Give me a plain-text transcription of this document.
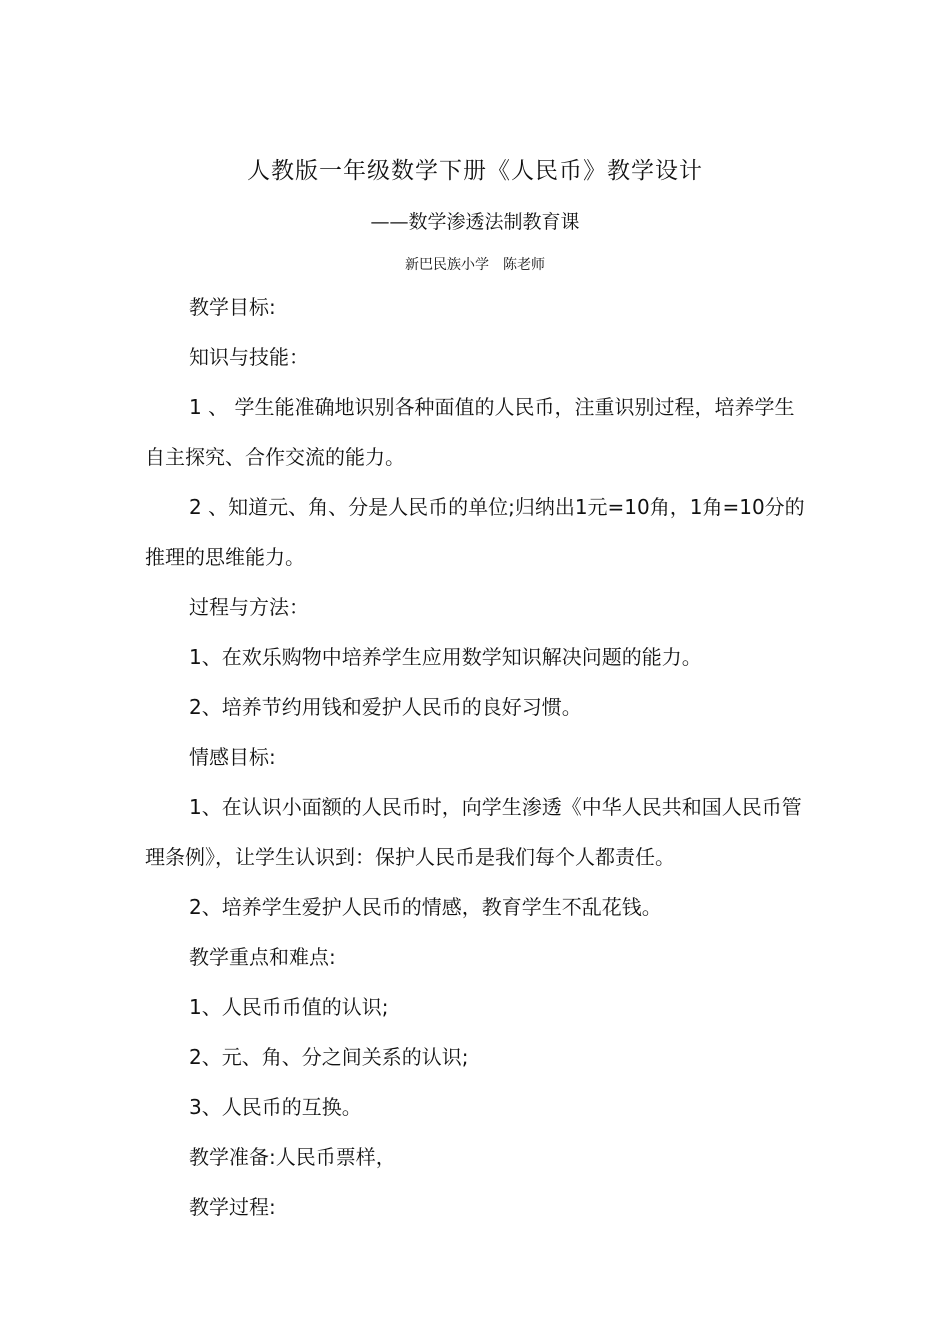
人教版一年级数学下册《人民币》教学设计
——数学渗透法制教育课
新巴民族小学　陈老师

教学目标:

知识与技能：

1 、 学生能准确地识别各种面值的人民币，注重识别过程，培养学生自主探究、合作交流的能力。

2 、知道元、角、分是人民币的单位;归纳出1元=10角，1角=10分的推理的思维能力。

过程与方法：

1、在欢乐购物中培养学生应用数学知识解决问题的能力。

2、培养节约用钱和爱护人民币的良好习惯。

情感目标:

1、在认识小面额的人民币时，向学生渗透《中华人民共和国人民币管理条例》，让学生认识到：保护人民币是我们每个人都责任。

2、培养学生爱护人民币的情感，教育学生不乱花钱。

教学重点和难点:

1、人民币币值的认识;

2、元、角、分之间关系的认识;

3、人民币的互换。

教学准备:人民币票样，

教学过程:
